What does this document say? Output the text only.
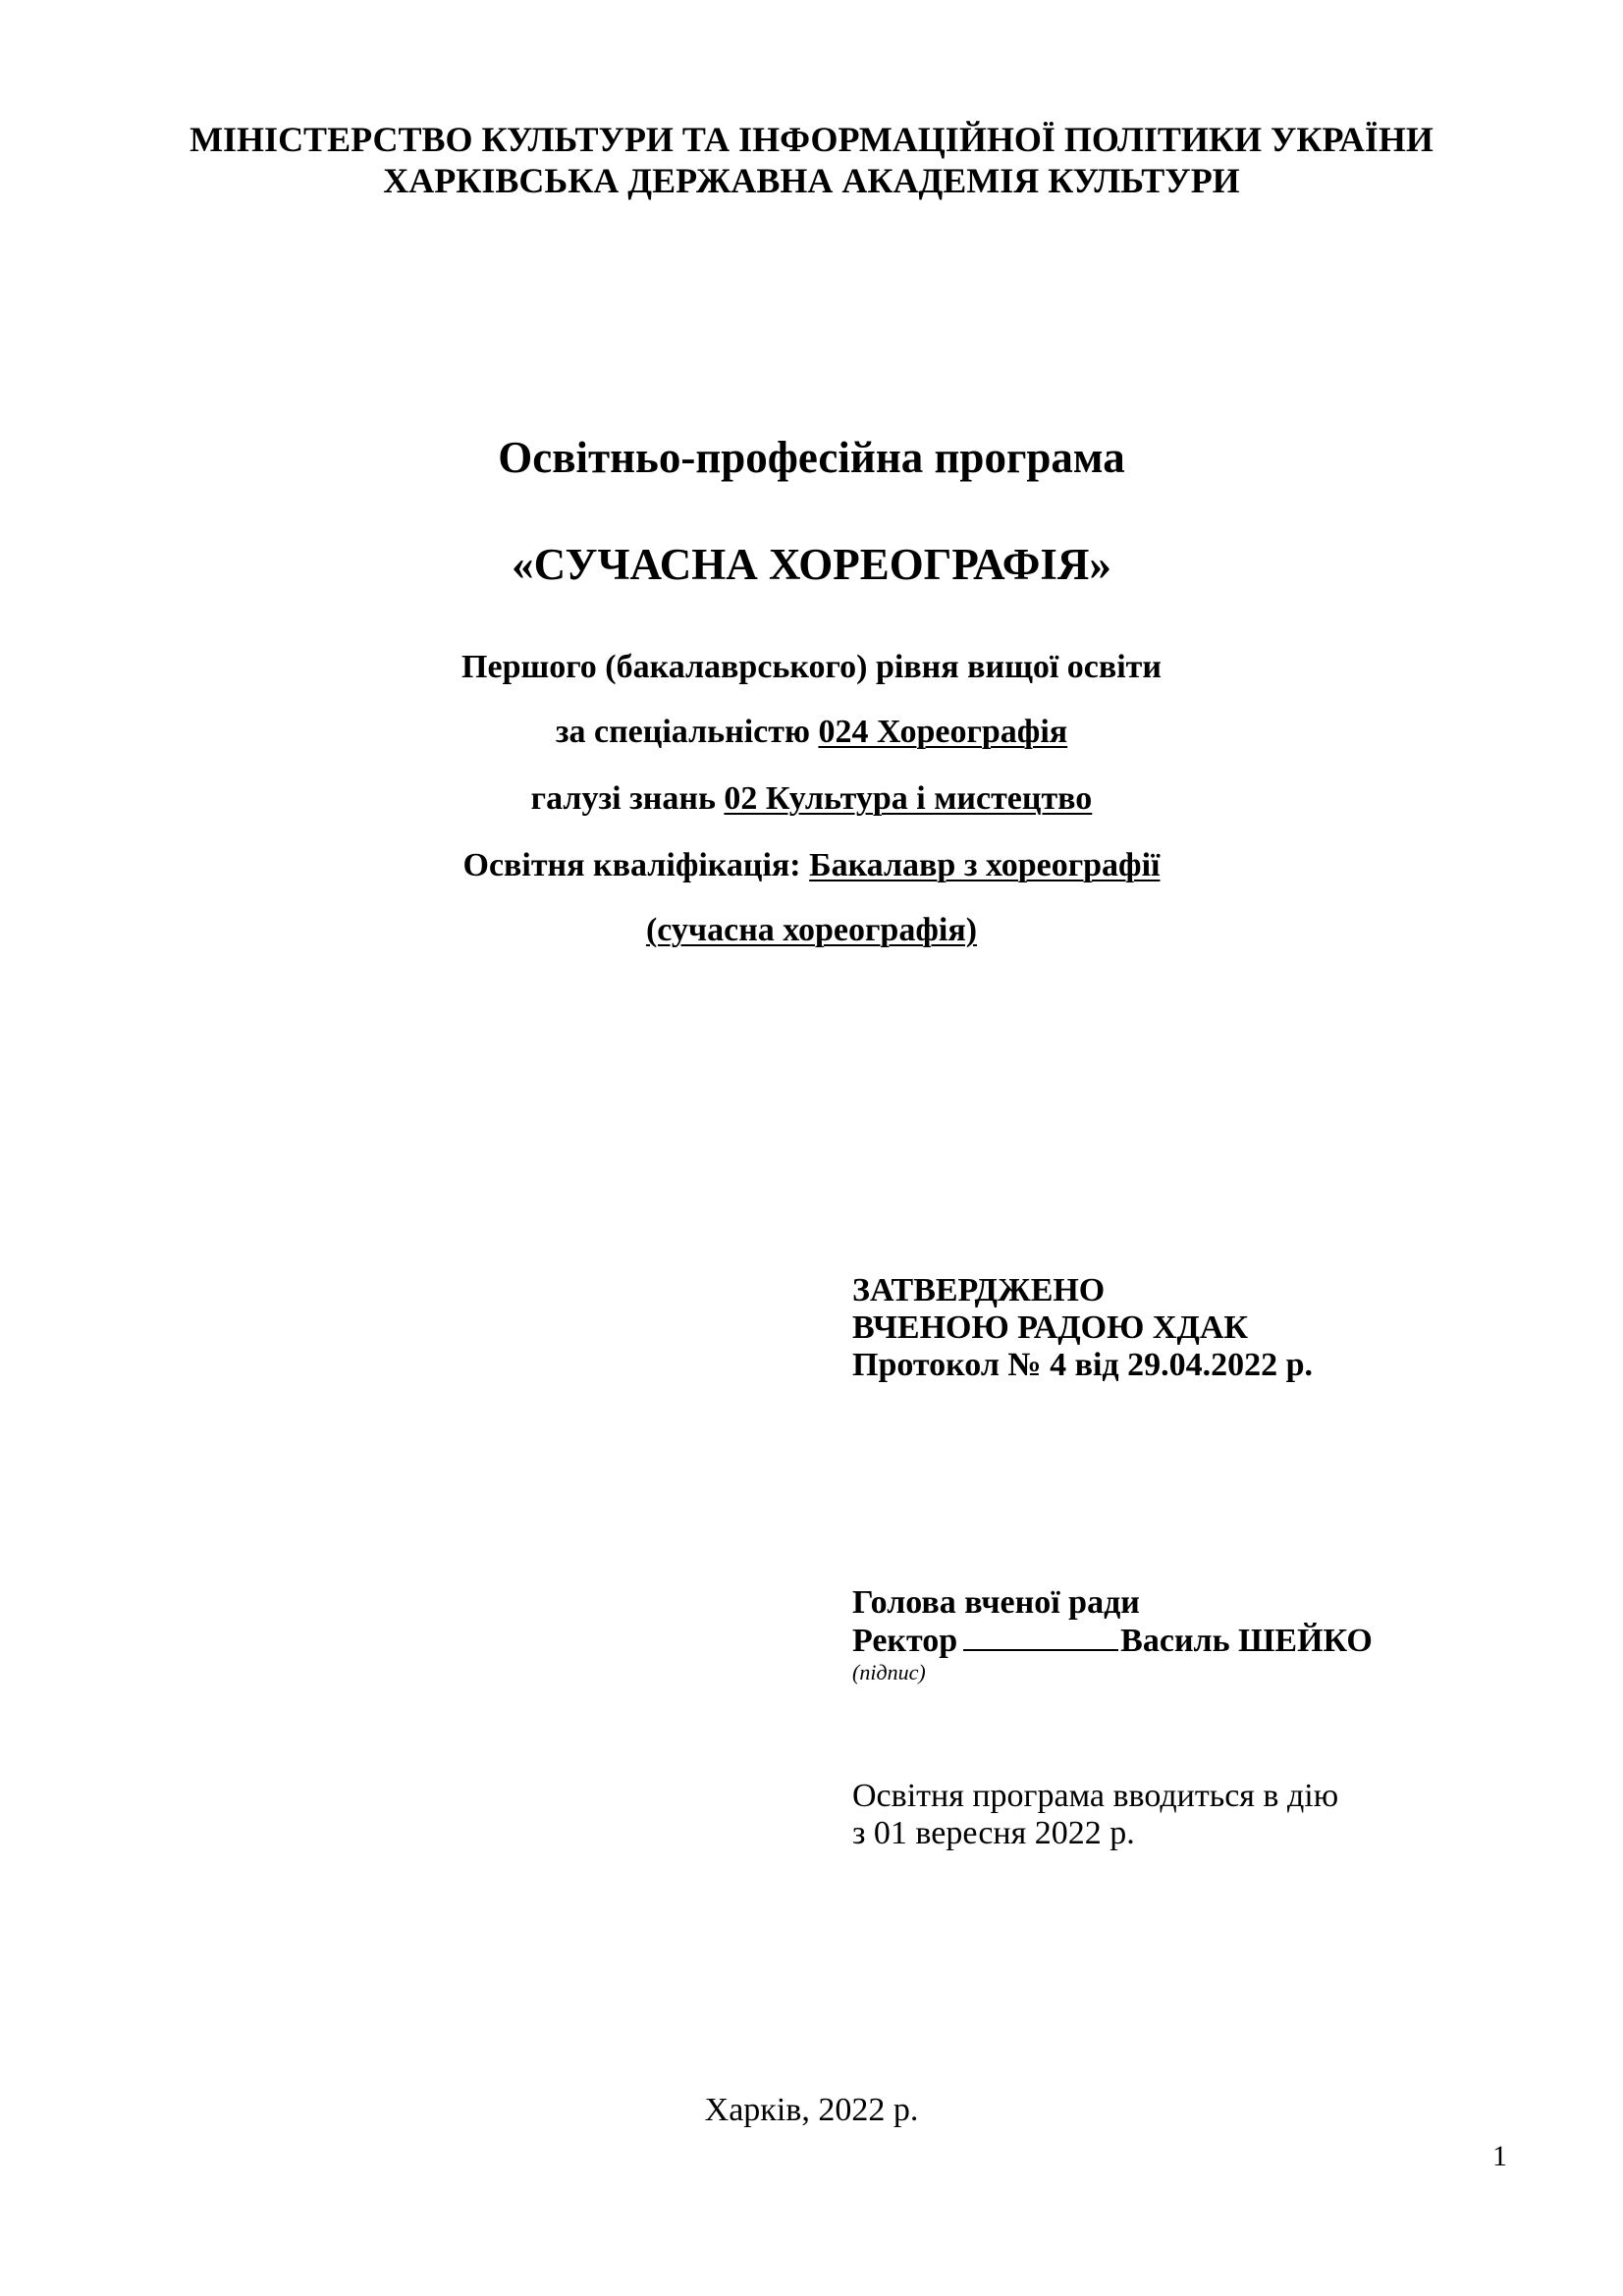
МІНІСТЕРСТВО КУЛЬТУРИ ТА ІНФОРМАЦІЙНОЇ ПОЛІТИКИ УКРАЇНИ
ХАРКІВСЬКА ДЕРЖАВНА АКАДЕМІЯ КУЛЬТУРИ
Освітньо-професійна програма
«СУЧАСНА ХОРЕОГРАФІЯ»
Першого (бакалаврського) рівня вищої освіти
за спеціальністю 024 Хореографія
галузі знань 02 Культура і мистецтво
Освітня кваліфікація: Бакалавр з хореографії
(сучасна хореографія)
ЗАТВЕРДЖЕНО
ВЧЕНОЮ РАДОЮ ХДАК
Протокол № 4 від 29.04.2022 р.
Голова вченої ради
Ректор	Василь ШЕЙКО
(підпис)
Освітня програма вводиться в дію
з 01 вересня 2022 р.
Харків, 2022 р.
1
